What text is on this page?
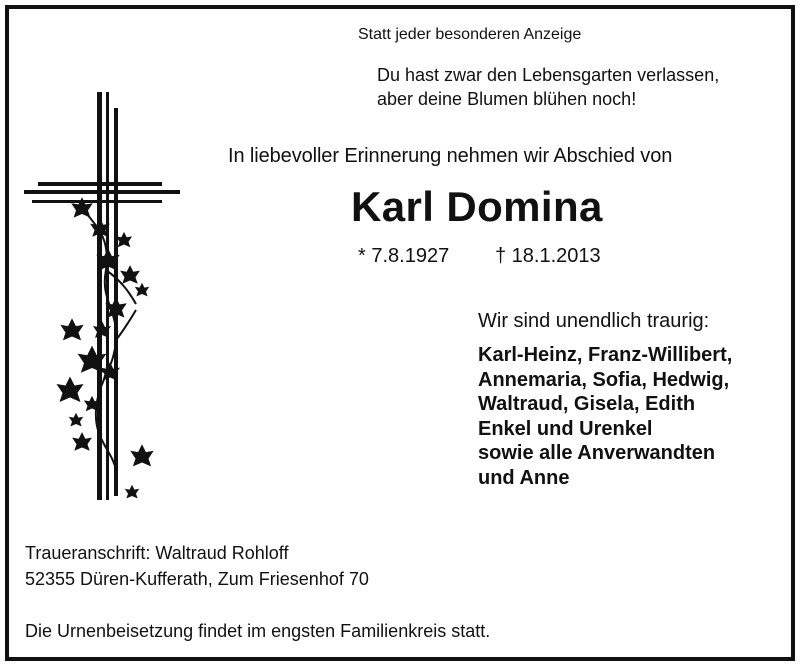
Statt jeder besonderen Anzeige
Du hast zwar den Lebensgarten verlassen,
aber deine Blumen blühen noch!
In liebevoller Erinnerung nehmen wir Abschied von
Karl Domina
* 7.8.1927 † 18.1.2013
Wir sind unendlich traurig:
Karl-Heinz, Franz-Willibert,
Annemaria, Sofia, Hedwig,
Waltraud, Gisela, Edith
Enkel und Urenkel
sowie alle Anverwandten
und Anne
Traueranschrift: Waltraud Rohloff
52355 Düren-Kufferath, Zum Friesenhof 70
Die Urnenbeisetzung findet im engsten Familienkreis statt.
